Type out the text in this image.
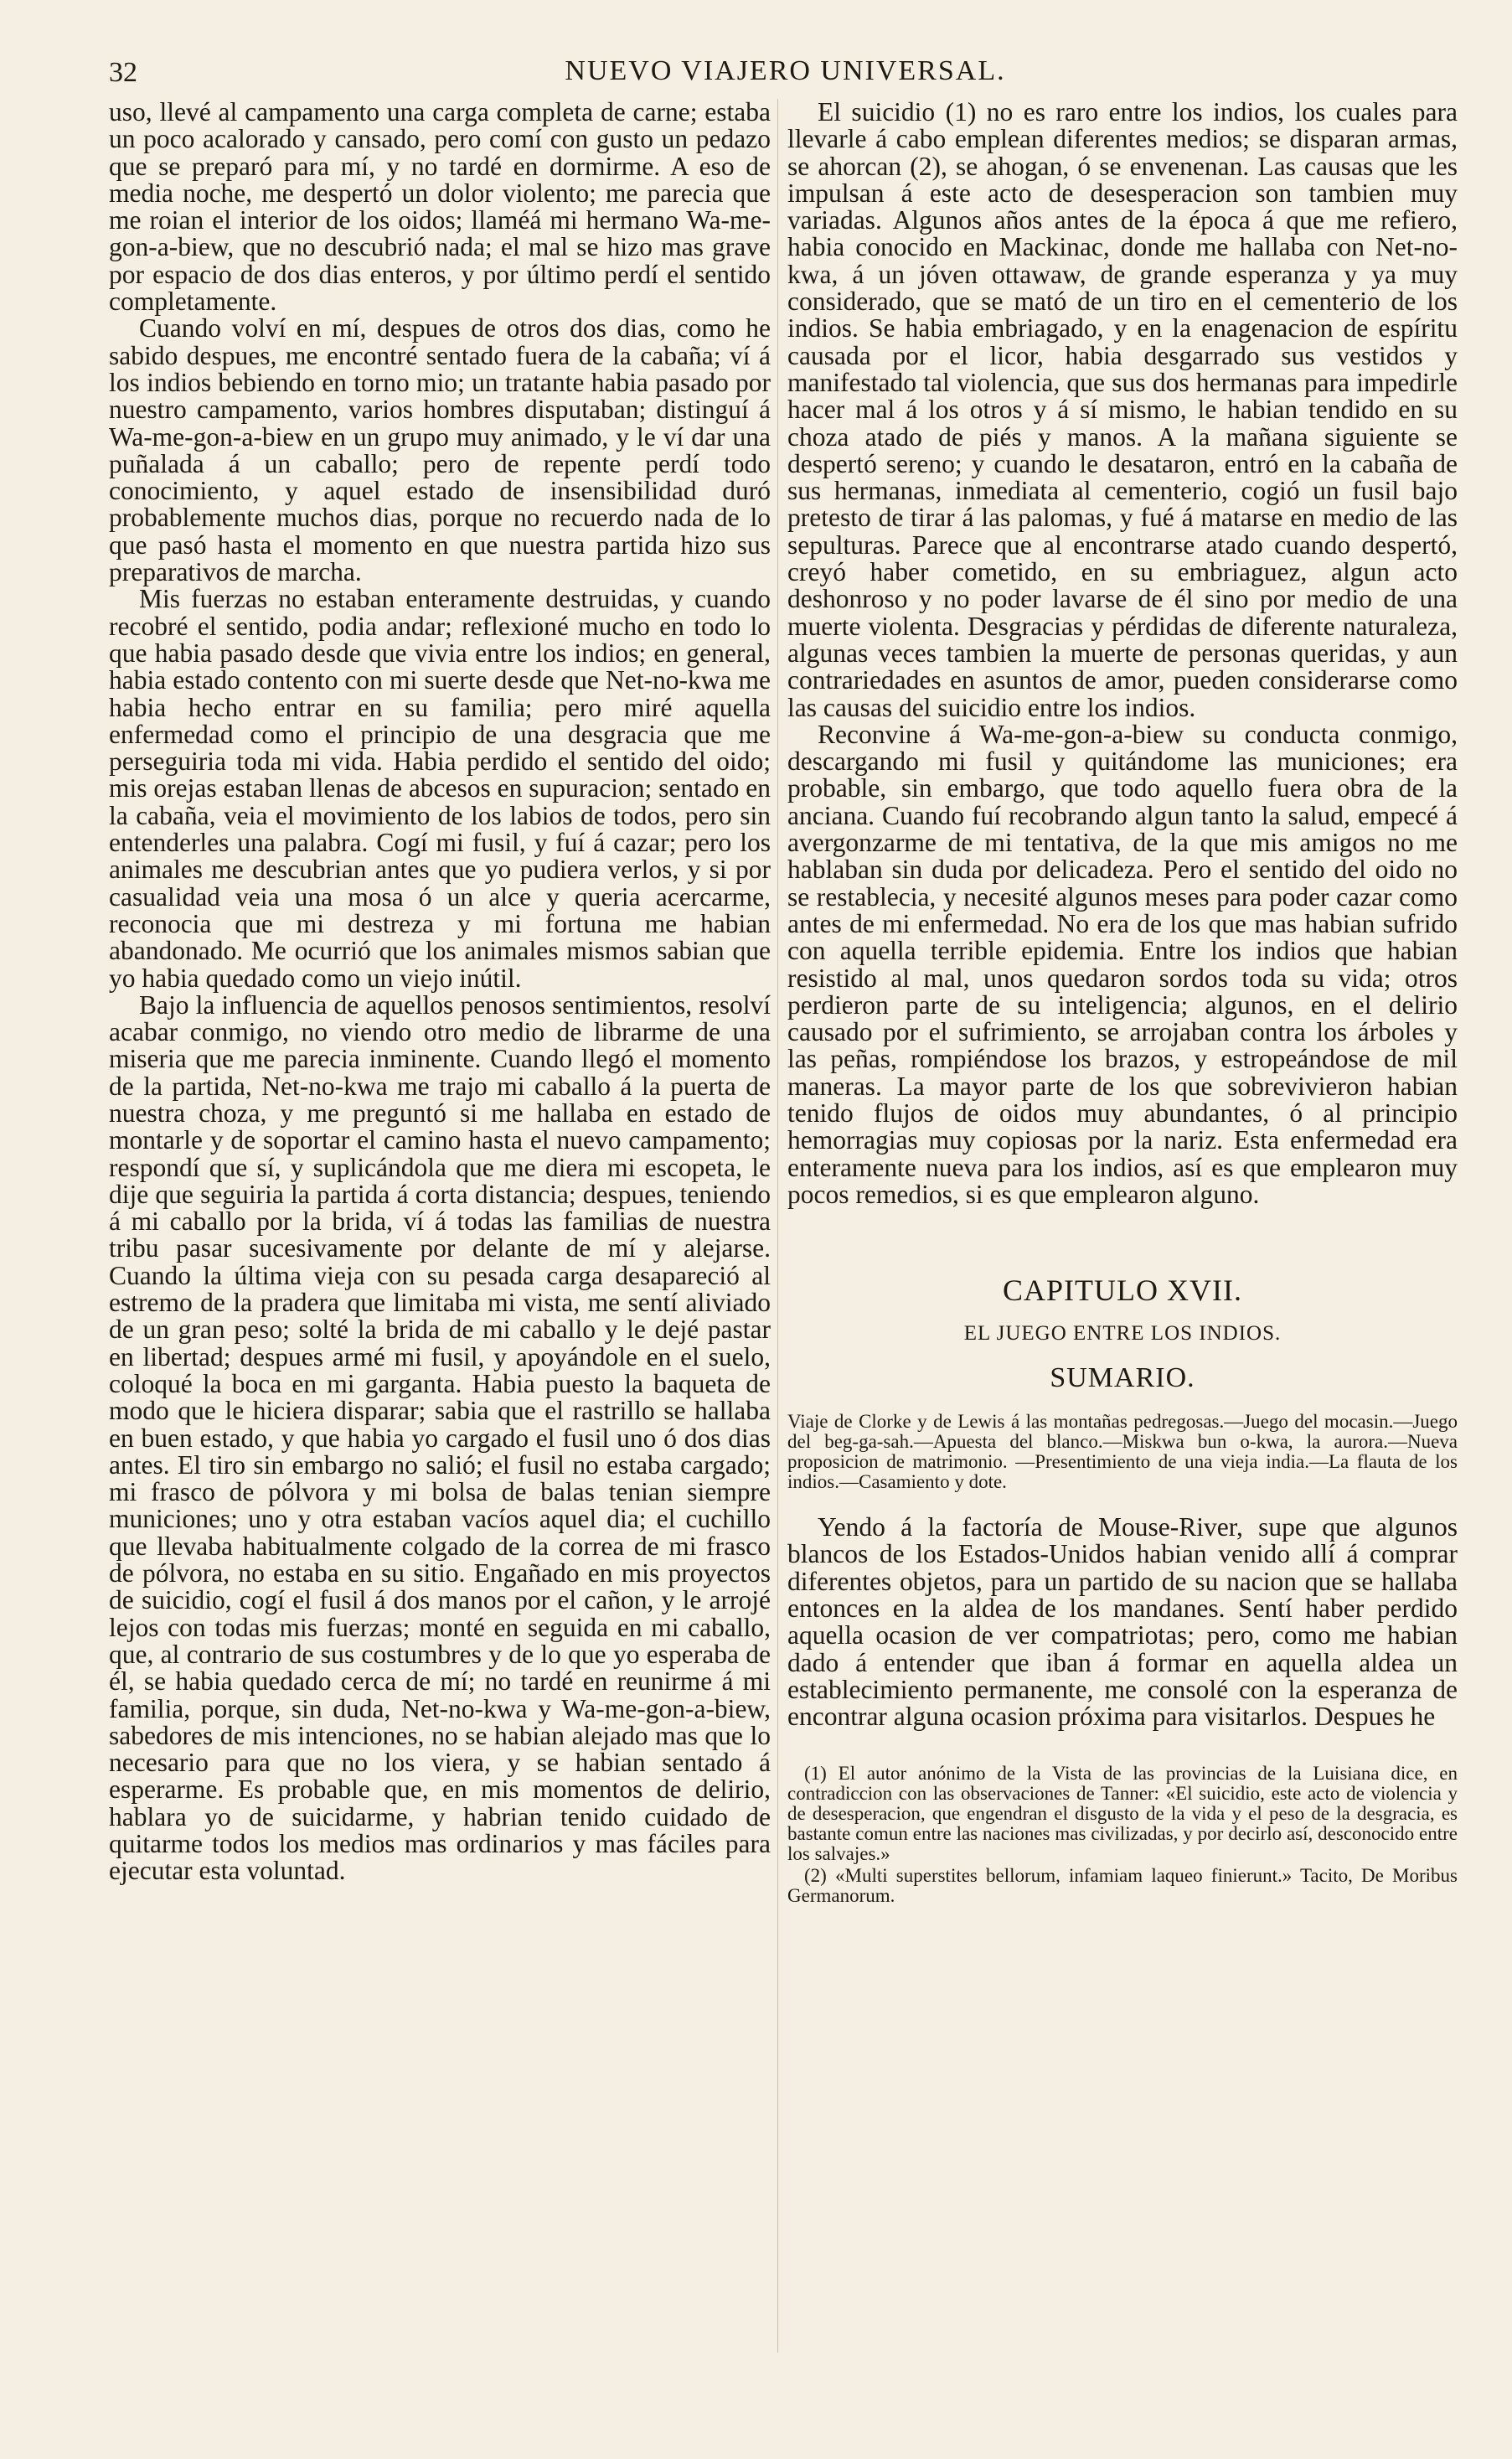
32	NUEVO VIAJERO UNIVERSAL.

uso, llevé al campamento una carga completa de carne; estaba un poco acalorado y cansado, pero comí con gusto un pedazo que se preparó para mí, y no tardé en dormirme. A eso de media noche, me despertó un dolor violento; me parecia que me roian el interior de los oidos; llaméá mi hermano Wa-me-gon-a-biew, que no descubrió nada; el mal se hizo mas grave por espacio de dos dias enteros, y por último perdí el sentido completamente.

Cuando volví en mí, despues de otros dos dias, como he sabido despues, me encontré sentado fuera de la cabaña; ví á los indios bebiendo en torno mio; un tratante habia pasado por nuestro campamento, varios hombres disputaban; distinguí á Wa-me-gon-a-biew en un grupo muy animado, y le ví dar una puñalada á un caballo; pero de repente perdí todo conocimiento, y aquel estado de insensibilidad duró probablemente muchos dias, porque no recuerdo nada de lo que pasó hasta el momento en que nuestra partida hizo sus preparativos de marcha.

Mis fuerzas no estaban enteramente destruidas, y cuando recobré el sentido, podia andar; reflexioné mucho en todo lo que habia pasado desde que vivia entre los indios; en general, habia estado contento con mi suerte desde que Net-no-kwa me habia hecho entrar en su familia; pero miré aquella enfermedad como el principio de una desgracia que me perseguiria toda mi vida. Habia perdido el sentido del oido; mis orejas estaban llenas de abcesos en supuracion; sentado en la cabaña, veia el movimiento de los labios de todos, pero sin entenderles una palabra. Cogí mi fusil, y fuí á cazar; pero los animales me descubrian antes que yo pudiera verlos, y si por casualidad veia una mosa ó un alce y queria acercarme, reconocia que mi destreza y mi fortuna me habian abandonado. Me ocurrió que los animales mismos sabian que yo habia quedado como un viejo inútil.

Bajo la influencia de aquellos penosos sentimientos, resolví acabar conmigo, no viendo otro medio de librarme de una miseria que me parecia inminente. Cuando llegó el momento de la partida, Net-no-kwa me trajo mi caballo á la puerta de nuestra choza, y me preguntó si me hallaba en estado de montarle y de soportar el camino hasta el nuevo campamento; respondí que sí, y suplicándola que me diera mi escopeta, le dije que seguiria la partida á corta distancia; despues, teniendo á mi caballo por la brida, ví á todas las familias de nuestra tribu pasar sucesivamente por delante de mí y alejarse. Cuando la última vieja con su pesada carga desapareció al estremo de la pradera que limitaba mi vista, me sentí aliviado de un gran peso; solté la brida de mi caballo y le dejé pastar en libertad; despues armé mi fusil, y apoyándole en el suelo, coloqué la boca en mi garganta. Habia puesto la baqueta de modo que le hiciera disparar; sabia que el rastrillo se hallaba en buen estado, y que habia yo cargado el fusil uno ó dos dias antes. El tiro sin embargo no salió; el fusil no estaba cargado; mi frasco de pólvora y mi bolsa de balas tenian siempre municiones; uno y otra estaban vacíos aquel dia; el cuchillo que llevaba habitualmente colgado de la correa de mi frasco de pólvora, no estaba en su sitio. Engañado en mis proyectos de suicidio, cogí el fusil á dos manos por el cañon, y le arrojé lejos con todas mis fuerzas; monté en seguida en mi caballo, que, al contrario de sus costumbres y de lo que yo esperaba de él, se habia quedado cerca de mí; no tardé en reunirme á mi familia, porque, sin duda, Net-no-kwa y Wa-me-gon-a-biew, sabedores de mis intenciones, no se habian alejado mas que lo necesario para que no los viera, y se habian sentado á esperarme. Es probable que, en mis momentos de delirio, hablara yo de suicidarme, y habrian tenido cuidado de quitarme todos los medios mas ordinarios y mas fáciles para ejecutar esta voluntad.

El suicidio (1) no es raro entre los indios, los cuales para llevarle á cabo emplean diferentes medios; se disparan armas, se ahorcan (2), se ahogan, ó se envenenan. Las causas que les impulsan á este acto de desesperacion son tambien muy variadas. Algunos años antes de la época á que me refiero, habia conocido en Mackinac, donde me hallaba con Net-no-kwa, á un jóven ottawaw, de grande esperanza y ya muy considerado, que se mató de un tiro en el cementerio de los indios. Se habia embriagado, y en la enagenacion de espíritu causada por el licor, habia desgarrado sus vestidos y manifestado tal violencia, que sus dos hermanas para impedirle hacer mal á los otros y á sí mismo, le habian tendido en su choza atado de piés y manos. A la mañana siguiente se despertó sereno; y cuando le desataron, entró en la cabaña de sus hermanas, inmediata al cementerio, cogió un fusil bajo pretesto de tirar á las palomas, y fué á matarse en medio de las sepulturas. Parece que al encontrarse atado cuando despertó, creyó haber cometido, en su embriaguez, algun acto deshonroso y no poder lavarse de él sino por medio de una muerte violenta. Desgracias y pérdidas de diferente naturaleza, algunas veces tambien la muerte de personas queridas, y aun contrariedades en asuntos de amor, pueden considerarse como las causas del suicidio entre los indios.

Reconvine á Wa-me-gon-a-biew su conducta conmigo, descargando mi fusil y quitándome las municiones; era probable, sin embargo, que todo aquello fuera obra de la anciana. Cuando fuí recobrando algun tanto la salud, empecé á avergonzarme de mi tentativa, de la que mis amigos no me hablaban sin duda por delicadeza. Pero el sentido del oido no se restablecia, y necesité algunos meses para poder cazar como antes de mi enfermedad. No era de los que mas habian sufrido con aquella terrible epidemia. Entre los indios que habian resistido al mal, unos quedaron sordos toda su vida; otros perdieron parte de su inteligencia; algunos, en el delirio causado por el sufrimiento, se arrojaban contra los árboles y las peñas, rompiéndose los brazos, y estropeándose de mil maneras. La mayor parte de los que sobrevivieron habian tenido flujos de oidos muy abundantes, ó al principio hemorragias muy copiosas por la nariz. Esta enfermedad era enteramente nueva para los indios, así es que emplearon muy pocos remedios, si es que emplearon alguno.

CAPITULO XVII.
EL JUEGO ENTRE LOS INDIOS.
SUMARIO.
Viaje de Clorke y de Lewis á las montañas pedregosas.—Juego del mocasin.—Juego del beg-ga-sah.—Apuesta del blanco.—Miskwa bun o-kwa, la aurora.—Nueva proposicion de matrimonio. —Presentimiento de una vieja india.—La flauta de los indios.—Casamiento y dote.

Yendo á la factoría de Mouse-River, supe que algunos blancos de los Estados-Unidos habian venido allí á comprar diferentes objetos, para un partido de su nacion que se hallaba entonces en la aldea de los mandanes. Sentí haber perdido aquella ocasion de ver compatriotas; pero, como me habian dado á entender que iban á formar en aquella aldea un establecimiento permanente, me consolé con la esperanza de encontrar alguna ocasion próxima para visitarlos. Despues he

(1) El autor anónimo de la Vista de las provincias de la Luisiana dice, en contradiccion con las observaciones de Tanner: «El suicidio, este acto de violencia y de desesperacion, que engendran el disgusto de la vida y el peso de la desgracia, es bastante comun entre las naciones mas civilizadas, y por decirlo así, desconocido entre los salvajes.»

(2) «Multi superstites bellorum, infamiam laqueo finierunt.» Tacito, De Moribus Germanorum.
